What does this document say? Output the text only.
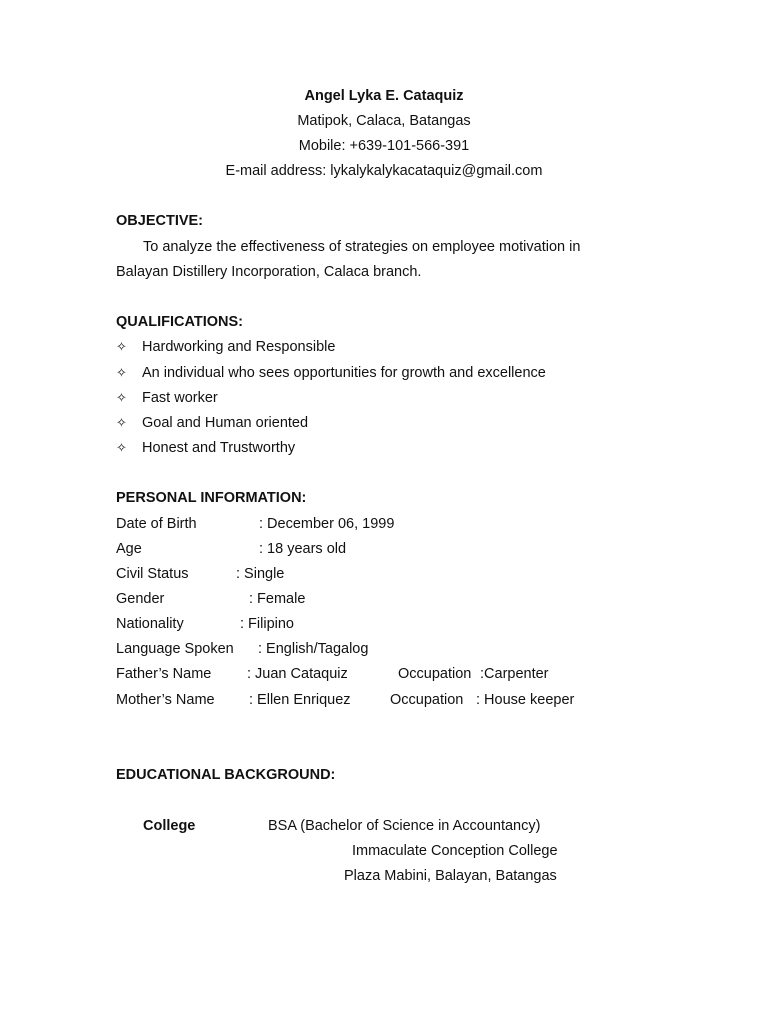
Angel Lyka E. Cataquiz
Matipok, Calaca, Batangas
Mobile: +639-101-566-391
E-mail address: lykalykalykacataquiz@gmail.com
OBJECTIVE:
To analyze the effectiveness of strategies on employee motivation in
Balayan Distillery Incorporation, Calaca branch.
QUALIFICATIONS:
✧ Hardworking and Responsible
✧ An individual who sees opportunities for growth and excellence
✧ Fast worker
✧ Goal and Human oriented
✧ Honest and Trustworthy
PERSONAL INFORMATION:
Date of Birth	: December 06, 1999
Age	: 18 years old
Civil Status	: Single
Gender	: Female
Nationality	: Filipino
Language Spoken : English/Tagalog
Father’s Name : Juan Cataquiz	Occupation :Carpenter
Mother’s Name : Ellen Enriquez	Occupation : House keeper
EDUCATIONAL BACKGROUND:
College	BSA (Bachelor of Science in Accountancy)
Immaculate Conception College
Plaza Mabini, Balayan, Batangas
